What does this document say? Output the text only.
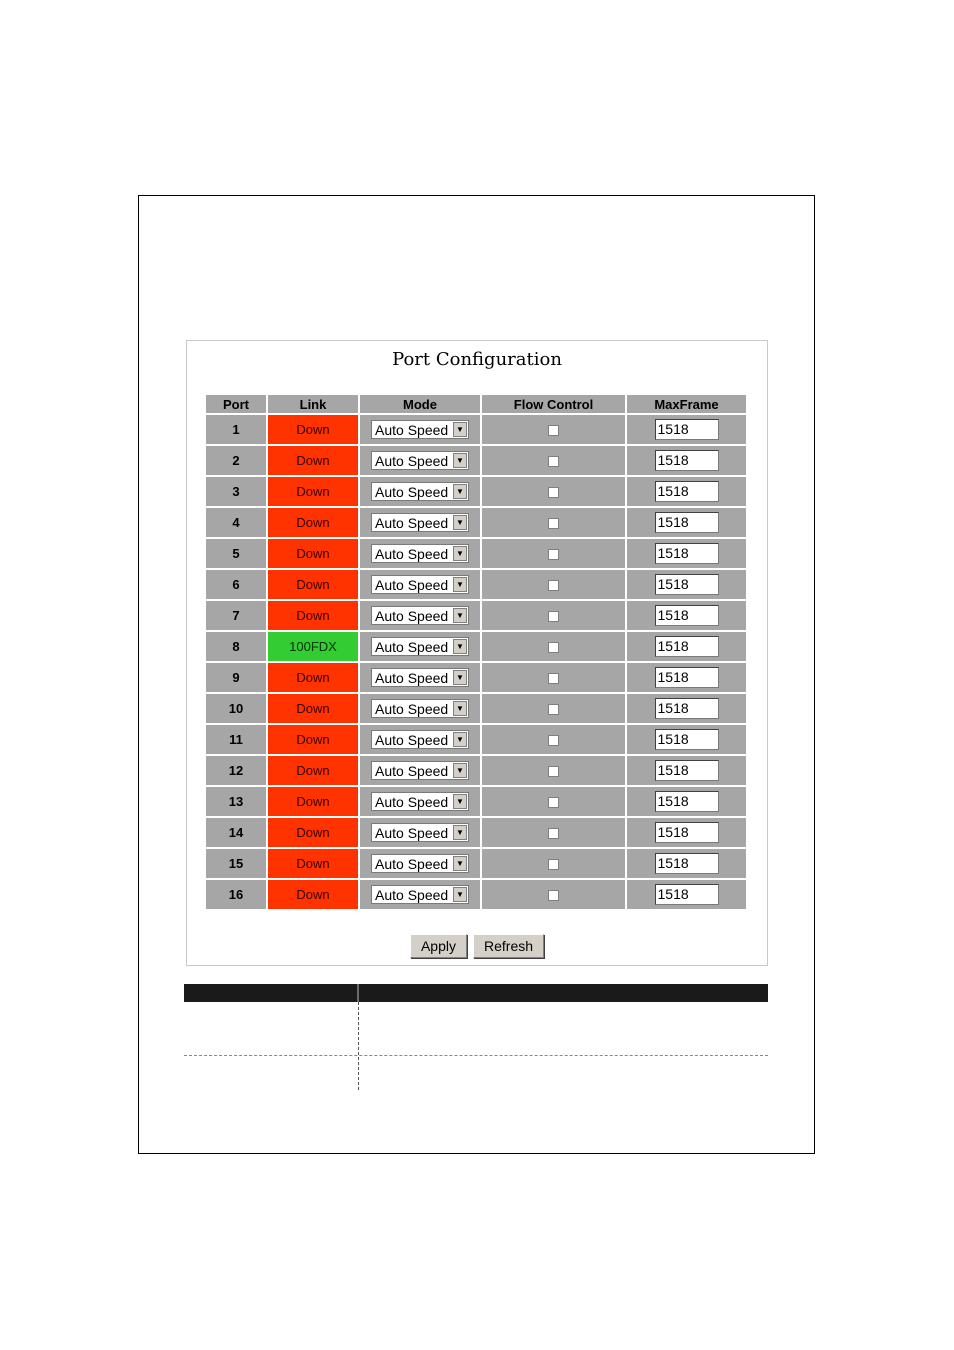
Port Configuration
Port	Link	Mode	Flow Control	MaxFrame
1	Down	Auto Speed ▼		1518
2	Down	Auto Speed ▼		1518
3	Down	Auto Speed ▼		1518
4	Down	Auto Speed ▼		1518
5	Down	Auto Speed ▼		1518
6	Down	Auto Speed ▼		1518
7	Down	Auto Speed ▼		1518
8	100FDX	Auto Speed ▼		1518
9	Down	Auto Speed ▼		1518
10	Down	Auto Speed ▼		1518
11	Down	Auto Speed ▼		1518
12	Down	Auto Speed ▼		1518
13	Down	Auto Speed ▼		1518
14	Down	Auto Speed ▼		1518
15	Down	Auto Speed ▼		1518
16	Down	Auto Speed ▼		1518
Apply Refresh
